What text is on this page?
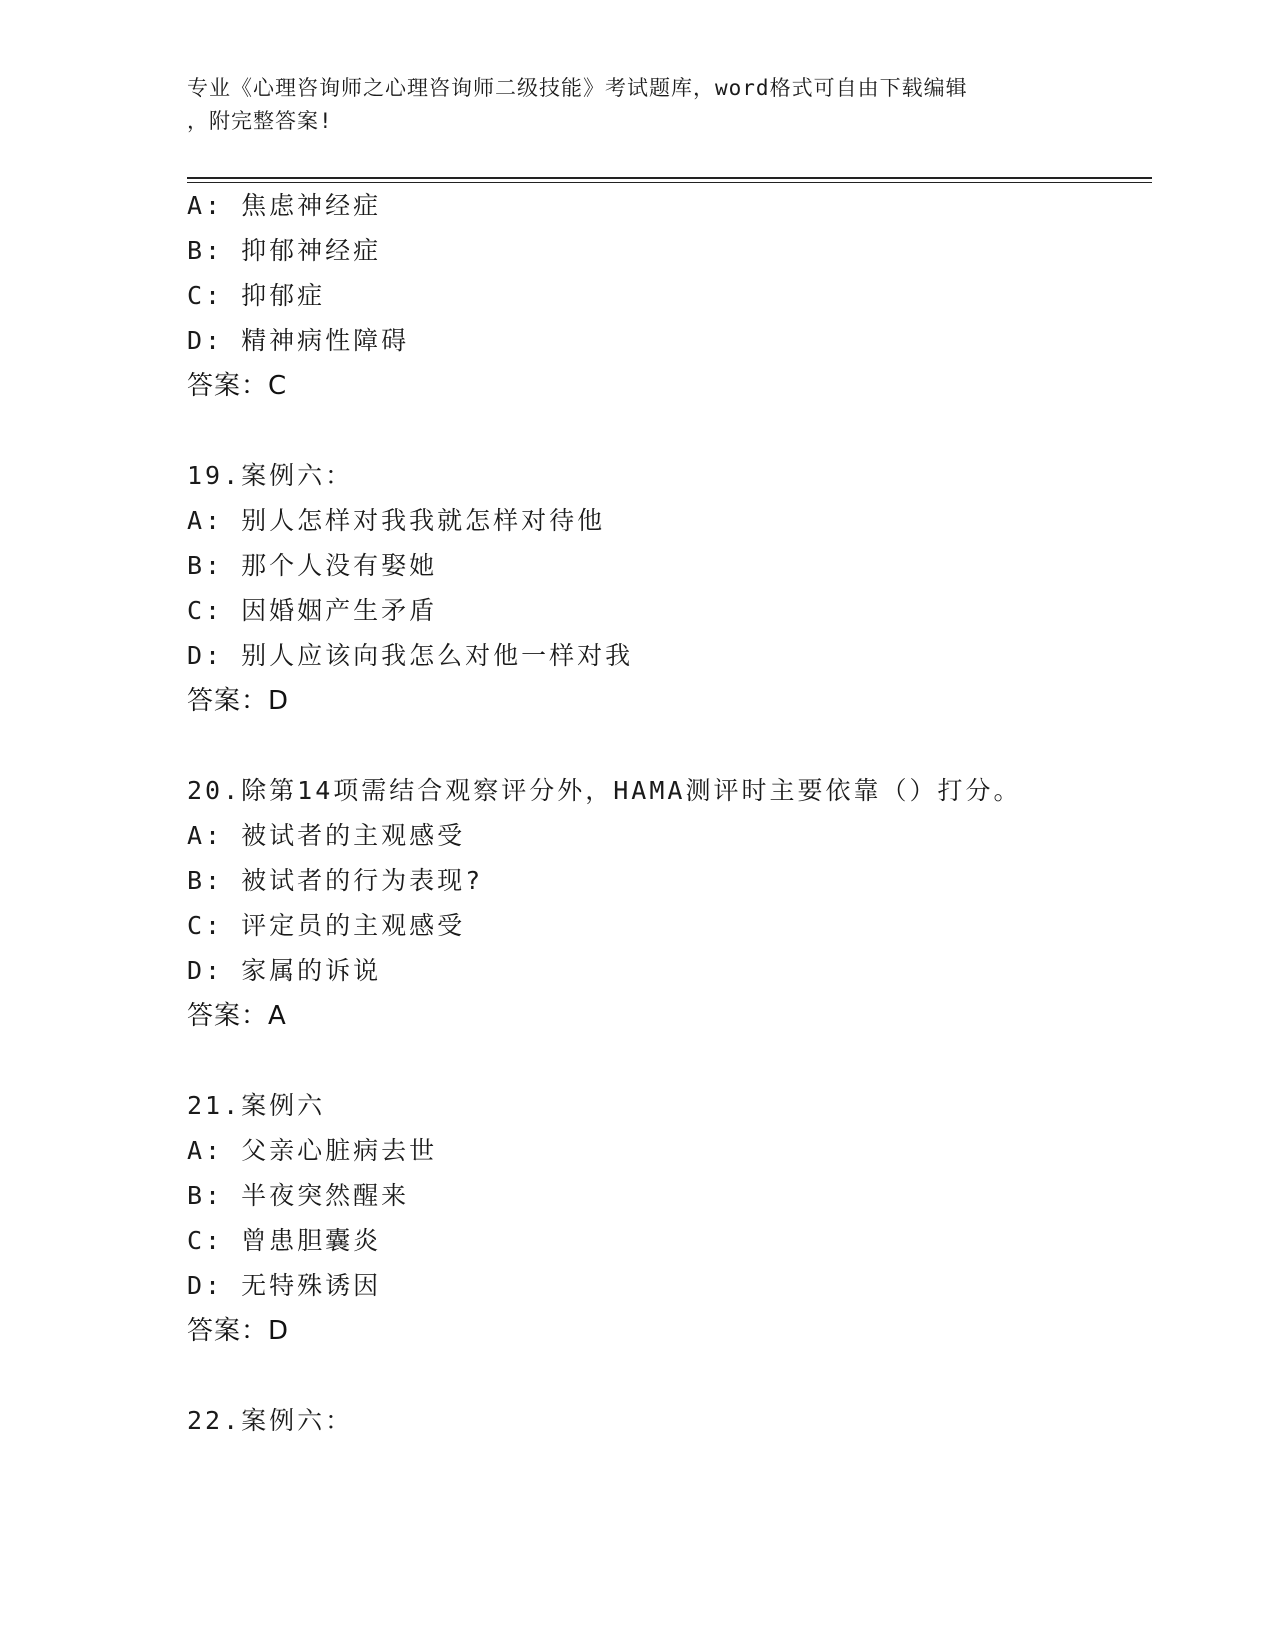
专业《心理咨询师之心理咨询师二级技能》考试题库，word格式可自由下载编辑
，附完整答案!
A: 焦虑神经症
B: 抑郁神经症
C: 抑郁症
D: 精神病性障碍
答案：C
19.案例六：
A: 别人怎样对我我就怎样对待他
B: 那个人没有娶她
C: 因婚姻产生矛盾
D: 别人应该向我怎么对他一样对我
答案：D
20.除第14项需结合观察评分外，HAMA测评时主要依靠（）打分。
A: 被试者的主观感受
B: 被试者的行为表现?
C: 评定员的主观感受
D: 家属的诉说
答案：A
21.案例六
A: 父亲心脏病去世
B: 半夜突然醒来
C: 曾患胆囊炎
D: 无特殊诱因
答案：D
22.案例六：
